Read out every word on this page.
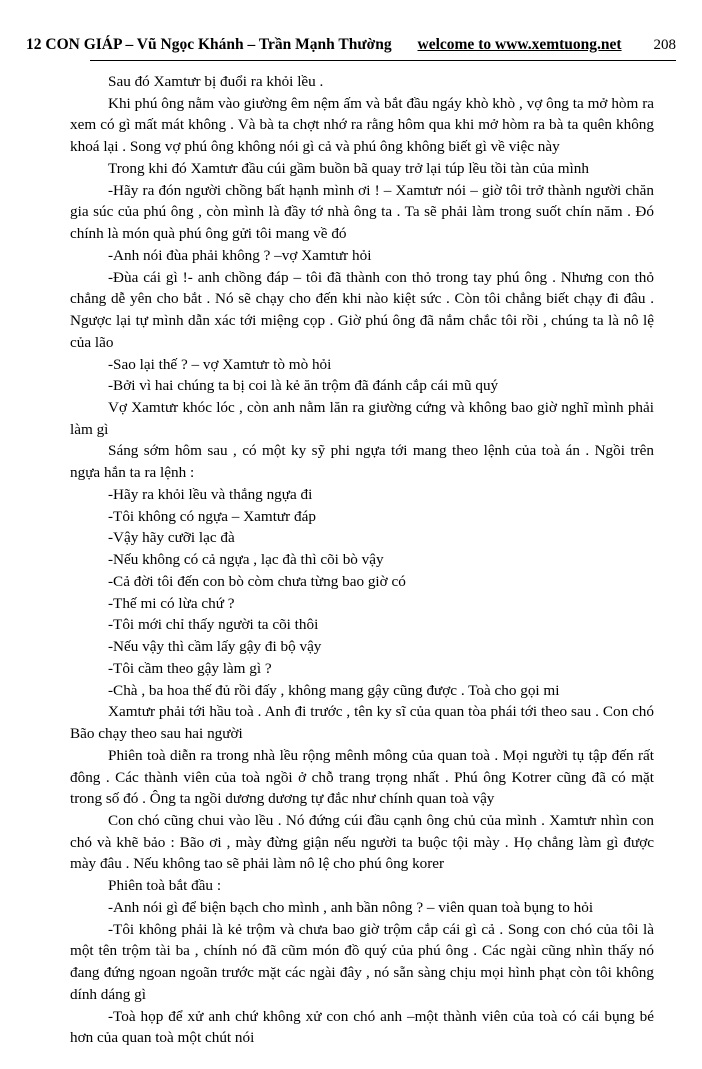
12 CON GIÁP – Vũ Ngọc Khánh – Trần Mạnh Thường	welcome to www.xemtuong.net	208

Sau đó Xamtưr bị đuổi ra khỏi lều .

Khi phú ông nằm vào giường êm nệm ấm và bắt đầu ngáy khò khò , vợ ông ta mở hòm ra xem có gì mất mát không . Và bà ta chợt nhớ ra rằng hôm qua khi mở hòm ra bà ta quên không khoá lại . Song vợ phú ông không nói gì cả và phú ông không biết gì về việc này

Trong khi đó Xamtưr đầu cúi gầm buồn bã quay trở lại túp lều tồi tàn của mình

-Hãy ra đón người chồng bất hạnh mình ơi ! – Xamtưr nói – giờ tôi trở thành người chăn gia súc của phú ông , còn mình là đầy tớ nhà ông ta . Ta sẽ phải làm trong suốt chín năm . Đó chính là món quà phú ông gửi tôi mang về đó

-Anh nói đùa phải không ? –vợ Xamtưr hỏi

-Đùa cái gì !- anh chồng đáp – tôi đã thành con thỏ trong tay phú ông . Nhưng con thỏ chẳng dễ yên cho bắt . Nó sẽ chạy cho đến khi nào kiệt sức . Còn tôi chẳng biết chạy đi đâu . Ngược lại tự mình dẫn xác tới miệng cọp . Giờ phú ông đã nắm chắc tôi rồi , chúng ta là nô lệ của lão

-Sao lại thế ? – vợ Xamtưr tò mò hỏi

-Bởi vì hai chúng ta bị coi là kẻ ăn trộm đã đánh cắp cái mũ quý

Vợ Xamtưr khóc lóc , còn anh nằm lăn ra giường cứng và không bao giờ nghĩ mình phải làm gì

Sáng sớm hôm sau , có một ky sỹ phi ngựa tới mang theo lệnh của toà án . Ngồi trên ngựa hắn ta ra lệnh :

-Hãy ra khỏi lều và thắng ngựa đi

-Tôi không có ngựa – Xamtưr đáp

-Vậy hãy cưỡi lạc đà

-Nếu không có cả ngựa , lạc đà thì cõi bò vậy

-Cả đời tôi đến con bò còm chưa từng bao giờ có

-Thế mi có lừa chứ ?

-Tôi mới chỉ thấy người ta cõi thôi

-Nếu vậy thì cầm lấy gậy đi bộ vậy

-Tôi cầm theo gậy làm gì ?

-Chà , ba hoa thế đủ rồi đấy , không mang gậy cũng được . Toà cho gọi mi

Xamtưr phải tới hầu toà . Anh đi trước , tên ky sĩ của quan tòa phái tới theo sau . Con chó Bão chạy theo sau hai người

Phiên toà diễn ra trong nhà lều rộng mênh mông của quan toà . Mọi người tụ tập đến rất đông . Các thành viên của toà ngồi ở chỗ trang trọng nhất . Phú ông Kotrer cũng đã có mặt trong số đó . Ông ta ngồi dương dương tự đắc như chính quan toà vậy

Con chó cũng chui vào lều . Nó đứng cúi đầu cạnh ông chủ của mình . Xamtưr nhìn con chó và khẽ bảo : Bão ơi , mày đừng giận nếu người ta buộc tội mày . Họ chẳng làm gì được mày đâu . Nếu không tao sẽ phải làm nô lệ cho phú ông korer

Phiên toà bắt đầu :

-Anh nói gì để biện bạch cho mình , anh bần nông ? – viên quan toà bụng to hỏi

-Tôi không phải là kẻ trộm và chưa bao giờ trộm cắp cái gì cả . Song con chó của tôi là một tên trộm tài ba , chính nó đã cũm món đồ quý của phú ông . Các ngài cũng nhìn thấy nó đang đứng ngoan ngoãn trước mặt các ngài đây , nó sẵn sàng chịu mọi hình phạt còn tôi không dính dáng gì

-Toà họp để xử anh chứ không xử con chó anh –một thành viên của toà có cái bụng bé hơn của quan toà một chút nói
